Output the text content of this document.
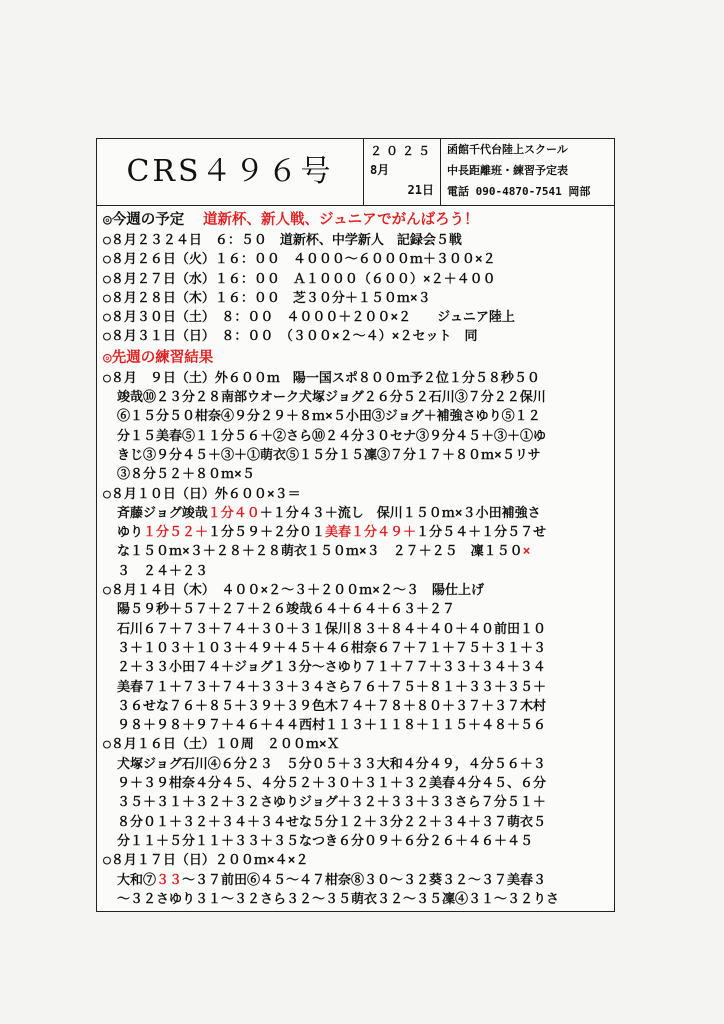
CRS４９６号
２０２５
8月
21日
函館千代台陸上スクール
中長距離班・練習予定表
電話 090-4870-7541 岡部
◎今週の予定 道新杯、新人戦、ジュニアでがんばろう！
○８月２３２４日　６：５０　道新杯、中学新人　記録会５戦
○８月２６日（火）１６：００　４０００〜６０００ｍ＋３００×２
○８月２７日（水）１６：００　Ａ１０００（６００）×２＋４００
○８月２８日（木）１６：００　芝３０分＋１５０ｍ×３
○８月３０日（土）　８：００　４０００＋２００×２　　ジュニア陸上
○８月３１日（日）　８：００　（３００×２〜４）×２セット　同
◎先週の練習結果
○８月　９日（土）外６００ｍ　陽一国スポ８００ｍ予２位１分５８秒５０
竣哉⑩２３分２８南部ウオーク犬塚ジョグ２６分５２石川③７分２２保川
⑥１５分５０柑奈④９分２９＋８ｍ×５小田③ジョグ＋補強さゆり⑤１２
分１５美春⑤１１分５６＋②さら⑩２４分３０セナ③９分４５＋③＋①ゆ
きじ③９分４５＋③＋①萌衣⑤１５分１５凜③７分１７＋８０ｍ×５リサ
③８分５２＋８０ｍ×５
○８月１０日（日）外６００×３＝
斉藤ジョグ竣哉１分４０＋１分４３＋流し　保川１５０ｍ×３小田補強さ
ゆり１分５２＋１分５９＋２分０１美春１分４９＋１分５４＋１分５７せ
な１５０ｍ×３＋２８＋２８萌衣１５０ｍ×３　２７＋２５　凜１５０×
３　２４＋２３
○８月１４日（木）　４００×２〜３＋２００ｍ×２〜３　陽仕上げ
陽５９秒＋５７＋２７＋２６竣哉６４＋６４＋６３＋２７
石川６７＋７３＋７４＋３０＋３１保川８３＋８４＋４０＋４０前田１０
３＋１０３＋１０３＋４９＋４５＋４６柑奈６７＋７１＋７５＋３１＋３
２＋３３小田７４＋ジョグ１３分〜さゆり７１＋７７＋３３＋３４＋３４
美春７１＋７３＋７４＋３３＋３４さら７６＋７５＋８１＋３３＋３５＋
３６せな７６＋８５＋３９＋３９色木７４＋７８＋８０＋３７＋３７木村
９８＋９８＋９７＋４６＋４４西村１１３＋１１８＋１１５＋４８＋５６
○８月１６日（土）１０周　２００ｍ×Ｘ
犬塚ジョグ石川④６分２３　５分０５＋３３大和４分４９，４分５６＋３
９＋３９柑奈４分４５、４分５２＋３０＋３１＋３２美春４分４５、６分
３５＋３１＋３２＋３２さゆりジョグ＋３２＋３３＋３３さら７分５１＋
８分０１＋３２＋３４＋３４せな５分１２＋３分２２＋３４＋３７萌衣５
分１１＋５分１１＋３３＋３５なつき６分０９＋６分２６＋４６＋４５
○８月１７日（日）２００ｍ×４×２
大和⑦３３〜３７前田⑥４５〜４７柑奈⑧３０〜３２葵３２〜３７美春３
〜３２さゆり３１〜３２さら３２〜３５萌衣３２〜３５凜④３１〜３２りさ
